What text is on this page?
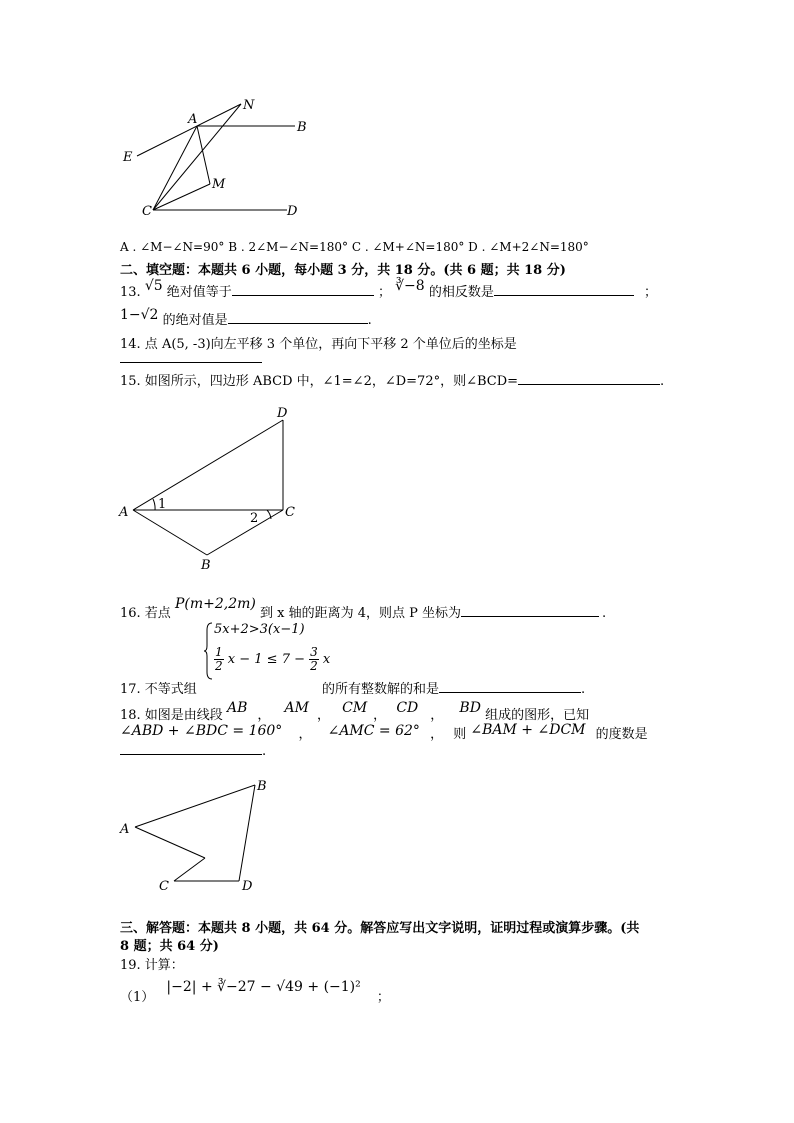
A
N
B
E
M
C	D
A . ∠M−∠N=90° B . 2∠M−∠N=180° C . ∠M+∠N=180° D . ∠M+2∠N=180°
二、填空题：本题共 6 小题，每小题 3 分，共 18 分。(共 6 题；共 18 分)
13. √5 绝对值等于	； ∛−8 的相反数是	；
1−√2 的绝对值是	.
14. 点 A(5, -3)向左平移 3 个单位，再向下平移 2 个单位后的坐标是
15. 如图所示，四边形 ABCD 中，∠1=∠2，∠D=72°，则∠BCD=	.
D
A	C
B
1
2
16. 若点 P(m+2,2m) 到 x 轴的距离为 4，则点 P 坐标为	.
5x+2>3(x−1)
$\frac{1}{2}$ $x - 1 \le 7 - \frac{3}{2}$ x
17. 不等式组	的所有整数解的和是	.
18. 如图是由线段 AB ， AM ， CM ， CD ， BD 组成的图形，已知
∠ABD + ∠BDC = 160° ， ∠AMC = 62° ， 则 ∠BAM + ∠DCM 的度数是
.
B
A
C	D
三、解答题：本题共 8 小题，共 64 分。解答应写出文字说明，证明过程或演算步骤。(共
8 题；共 64 分)
19. 计算：
（1） |−2| + ∛−27 − √49 + (−1)² ；
